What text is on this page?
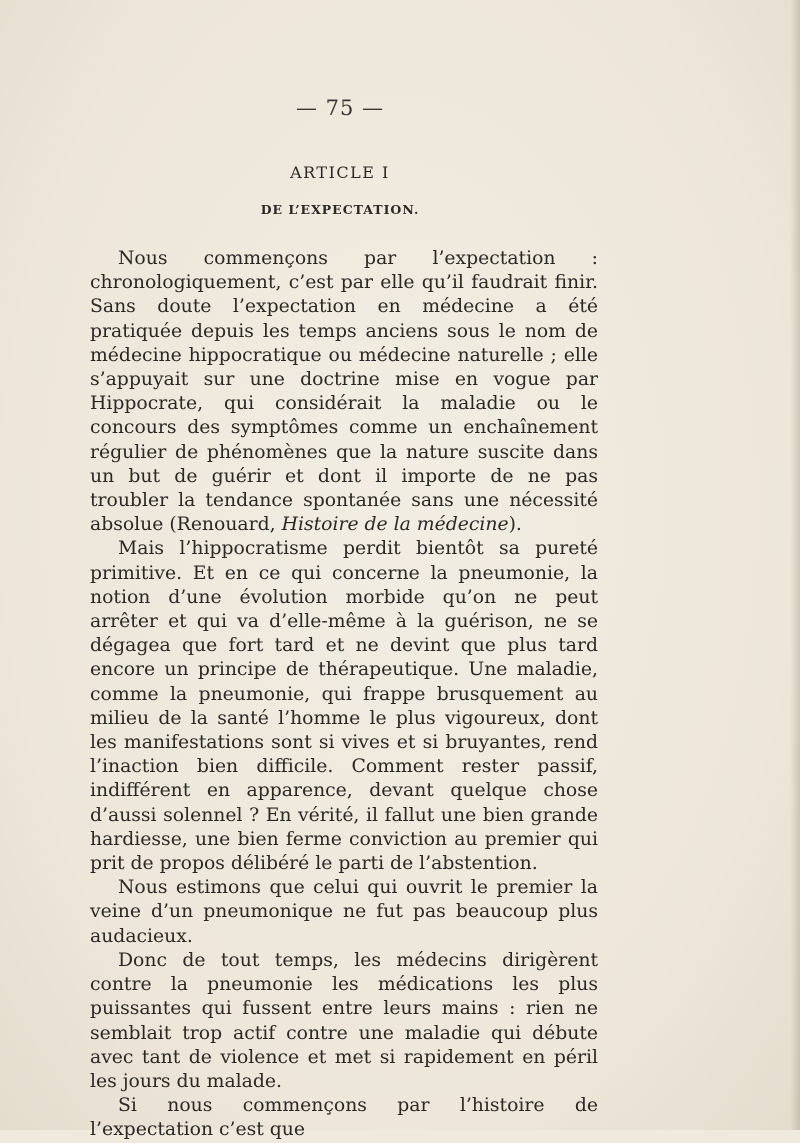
— 75 —
ARTICLE I
DE L’EXPECTATION.

Nous commençons par l’expectation : chronologiquement, c’est par elle qu’il faudrait finir. Sans doute l’expectation en médecine a été pratiquée depuis les temps anciens sous le nom de médecine hippocratique ou médecine naturelle ; elle s’appuyait sur une doctrine mise en vogue par Hippocrate, qui considérait la maladie ou le concours des symptômes comme un enchaînement régulier de phénomènes que la nature suscite dans un but de guérir et dont il importe de ne pas troubler la tendance spontanée sans une nécessité absolue (Renouard, Histoire de la médecine).

Mais l’hippocratisme perdit bientôt sa pureté primitive. Et en ce qui concerne la pneumonie, la notion d’une évolution morbide qu’on ne peut arrêter et qui va d’elle-même à la guérison, ne se dégagea que fort tard et ne devint que plus tard encore un principe de thérapeutique. Une maladie, comme la pneumonie, qui frappe brusquement au milieu de la santé l’homme le plus vigoureux, dont les manifestations sont si vives et si bruyantes, rend l’inaction bien difficile. Comment rester passif, indifférent en apparence, devant quelque chose d’aussi solennel ? En vérité, il fallut une bien grande hardiesse, une bien ferme conviction au premier qui prit de propos délibéré le parti de l’abstention.

Nous estimons que celui qui ouvrit le premier la veine d’un pneumonique ne fut pas beaucoup plus audacieux.

Donc de tout temps, les médecins dirigèrent contre la pneumonie les médications les plus puissantes qui fussent entre leurs mains : rien ne semblait trop actif contre une maladie qui débute avec tant de violence et met si rapidement en péril les jours du malade.

Si nous commençons par l’histoire de l’expectation c’est que
